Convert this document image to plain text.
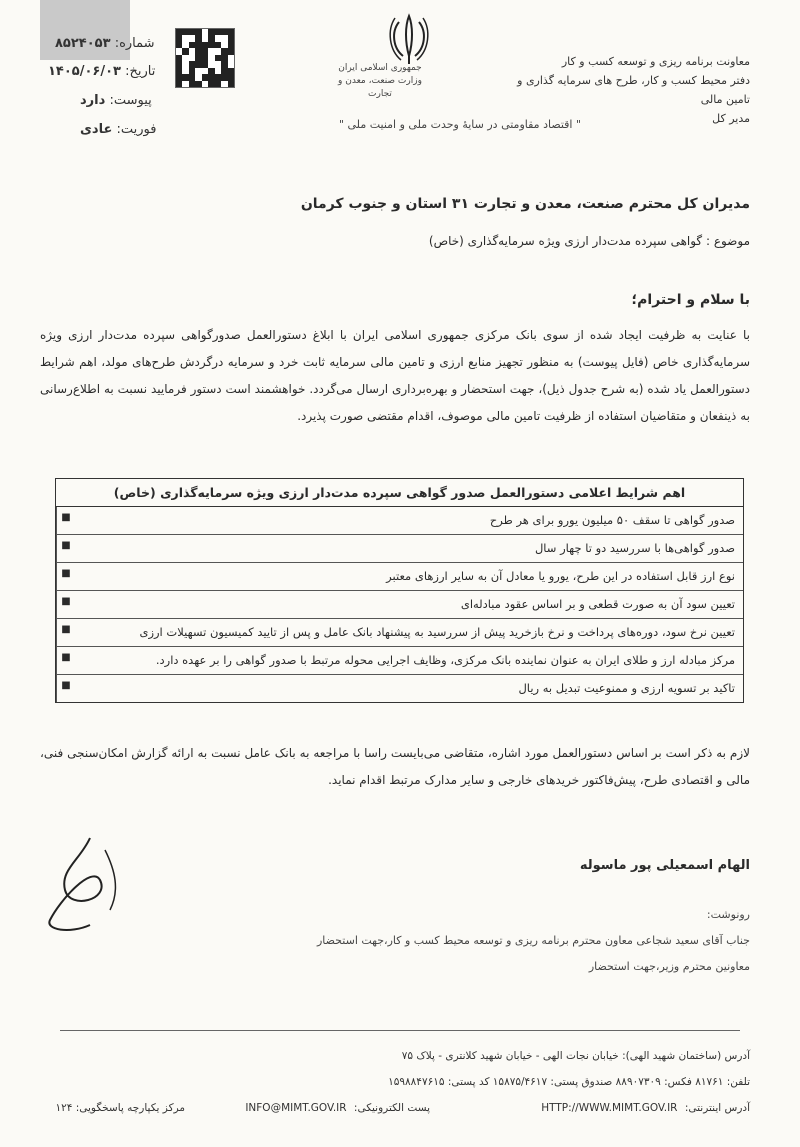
شماره: ۸۵۲۴۰۵۳
تاریخ: ۱۴۰۵/۰۶/۰۳
پیوست: دارد
فوریت: عادی
جمهوری اسلامی ایران
وزارت صنعت، معدن و تجارت
" اقتصاد مقاومتی در سایهٔ وحدت ملی و امنیت ملی "
معاونت برنامه ریزی و توسعه کسب و کار
دفتر محیط کسب و کار، طرح های سرمایه گذاری و تامین مالی
مدیر کل
مدیران کل محترم صنعت، معدن و تجارت ۳۱ استان و جنوب کرمان
موضوع : گواهی سپرده مدت‌دار ارزی ویژه سرمایه‌گذاری (خاص)
با سلام و احترام؛
با عنایت به ظرفیت ایجاد شده از سوی بانک مرکزی جمهوری اسلامی ایران با ابلاغ دستورالعمل صدورگواهی سپرده مدت‌دار ارزی ویژه سرمایه‌گذاری خاص (فایل پیوست) به منظور تجهیز منابع ارزی و تامین مالی سرمایه ثابت خرد و سرمایه درگردش طرح‌های مولد، اهم شرایط دستورالعمل یاد شده (به شرح جدول ذیل)، جهت استحضار و بهره‌برداری ارسال می‌گردد. خواهشمند است دستور فرمایید نسبت به اطلاع‌رسانی به ذینفعان و متقاضیان استفاده از ظرفیت تامین مالی موصوف، اقدام مقتضی صورت پذیرد.
اهم شرایط اعلامی دستورالعمل صدور گواهی سپرده مدت‌دار ارزی ویژه سرمایه‌گذاری (خاص)
■	صدور گواهی تا سقف ۵۰ میلیون یورو برای هر طرح
■	صدور گواهی‌ها با سررسید دو تا چهار سال
■	نوع ارز قابل استفاده در این طرح، یورو یا معادل آن به سایر ارزهای معتبر
■	تعیین سود آن به صورت قطعی و بر اساس عقود مبادله‌ای
■	تعیین نرخ سود، دوره‌های پرداخت و نرخ بازخرید پیش از سررسید به پیشنهاد بانک عامل و پس از تایید کمیسیون تسهیلات ارزی
■	مرکز مبادله ارز و طلای ایران به عنوان نماینده بانک مرکزی، وظایف اجرایی محوله مرتبط با صدور گواهی را بر عهده دارد.
■	تاکید بر تسویه ارزی و ممنوعیت تبدیل به ریال
لازم به ذکر است بر اساس دستورالعمل مورد اشاره، متقاضی می‌بایست راسا با مراجعه به بانک عامل نسبت به ارائه گزارش امکان‌سنجی فنی، مالی و اقتصادی طرح، پیش‌فاکتور خریدهای خارجی و سایر مدارک مرتبط اقدام نماید.
الهام اسمعیلی پور ماسوله
رونوشت:
جناب آقای سعید شجاعی معاون محترم برنامه ریزی و توسعه محیط کسب و کار،جهت استحضار
معاونین محترم وزیر،جهت استحضار
آدرس (ساختمان شهید الهی): خیابان نجات الهی - خیابان شهید کلانتری - پلاک ۷۵
تلفن: ۸۱۷۶۱ فکس: ۸۸۹۰۷۳۰۹ صندوق پستی: ۱۵۸۷۵/۴۶۱۷ کد پستی: ۱۵۹۸۸۴۷۶۱۵
آدرس اینترنتی: HTTP://WWW.MIMT.GOV.IR
پست الکترونیکی: INFO@MIMT.GOV.IR
مرکز یکپارچه پاسخگویی: ۱۲۴
